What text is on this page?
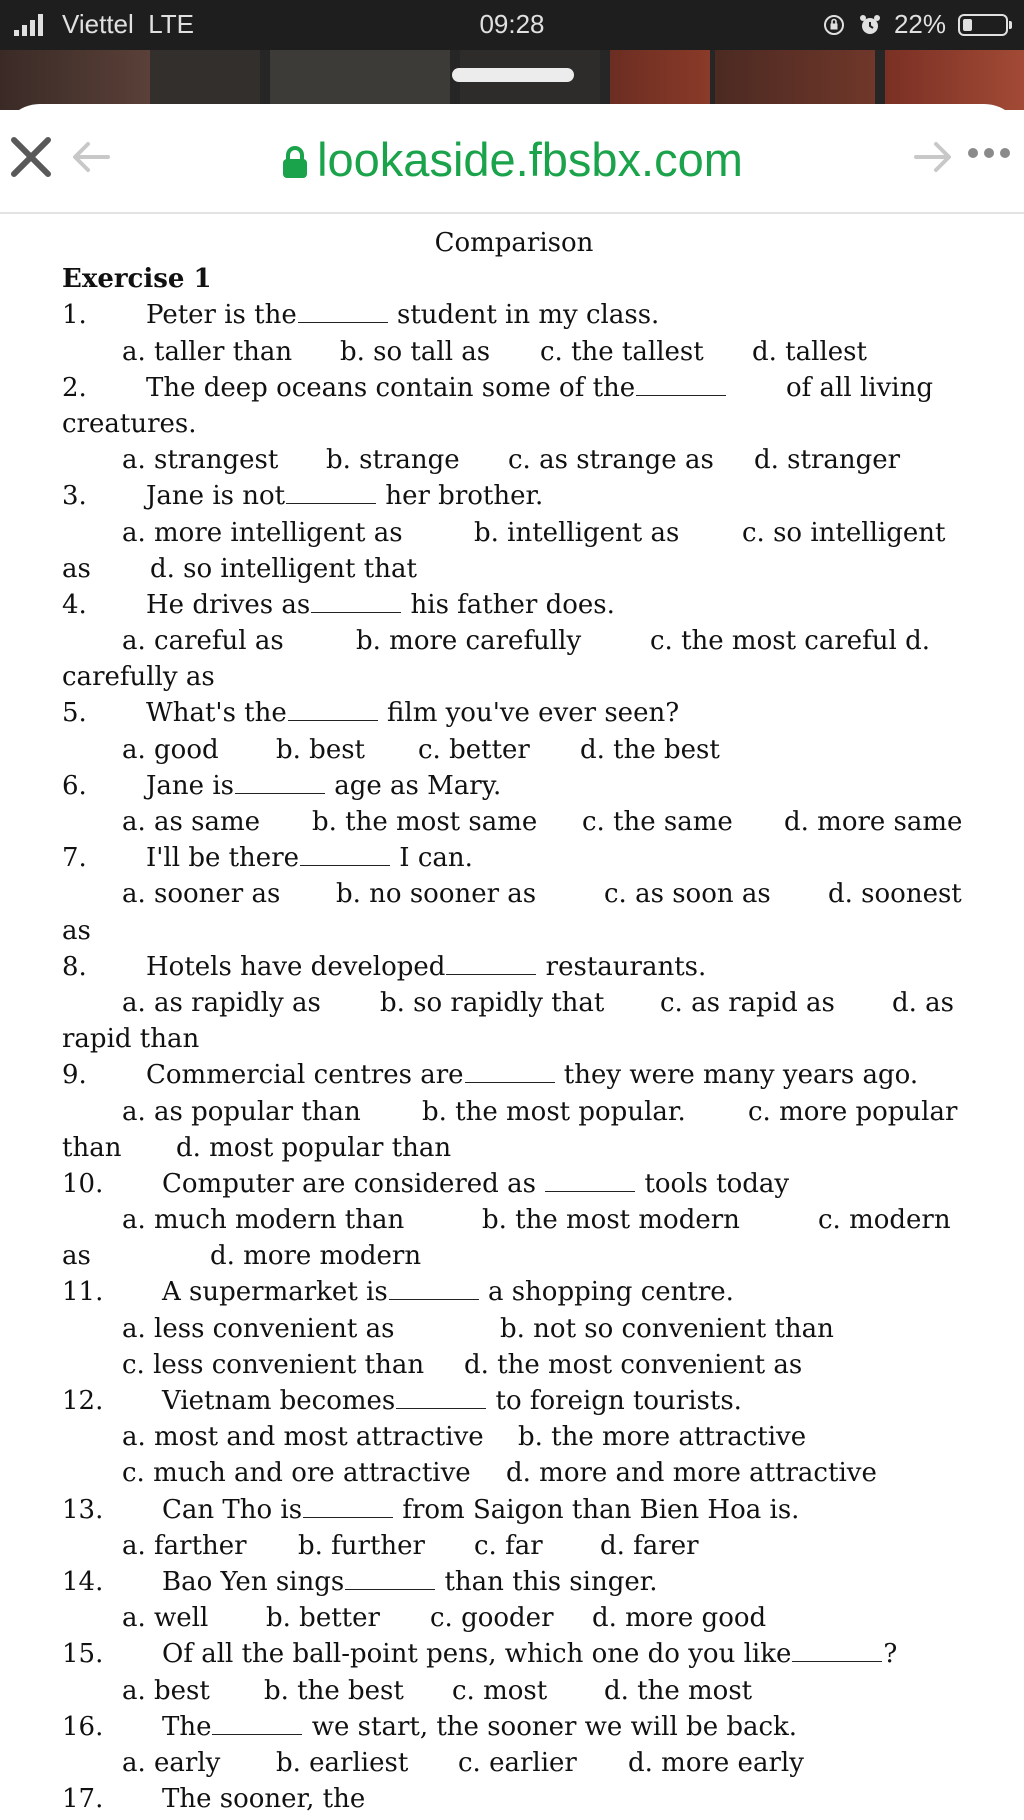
Viettel LTE	09:28	22%
lookaside.fbsbx.com
Comparison
Exercise 1
1. Peter is the	student in my class.
a. taller than b. so tall as c. the tallest d. tallest
2. The deep oceans contain some of the	of all living
creatures.
a. strangest b. strange c. as strange as d. stranger
3. Jane is not	her brother.
a. more intelligent as	b. intelligent as c. so intelligent
as d. so intelligent that
4. He drives as	his father does.
a. careful as	b. more carefully	c. the most careful d.
carefully as
5. What's the	film you've ever seen?
a. good b. best c. better d. the best
6. Jane is	age as Mary.
a. as same b. the most same c. the same d. more same
7. I'll be there	I can.
a. sooner as b. no sooner as	c. as soon as d. soonest
as
8. Hotels have developed	restaurants.
a. as rapidly as b. so rapidly that c. as rapid as d. as
rapid than
9. Commercial centres are	they were many years ago.
a. as popular than b. the most popular. c. more popular
than d. most popular than
10. Computer are considered as	tools today
a. much modern than	b. the most modern	c. modern
as	d. more modern
11. A supermarket is	a shopping centre.
a. less convenient as	b. not so convenient than
c. less convenient than d. the most convenient as
12. Vietnam becomes	to foreign tourists.
a. most and most attractive b. the more attractive
c. much and ore attractive d. more and more attractive
13. Can Tho is	from Saigon than Bien Hoa is.
a. farther b. further c. far d. farer
14. Bao Yen sings	than this singer.
a. well b. better c. gooder d. more good
15. Of all the ball-point pens, which one do you like	?
a. best b. the best c. most d. the most
16. The	we start, the sooner we will be back.
a. early b. earliest c. earlier d. more early
17. The sooner, the
